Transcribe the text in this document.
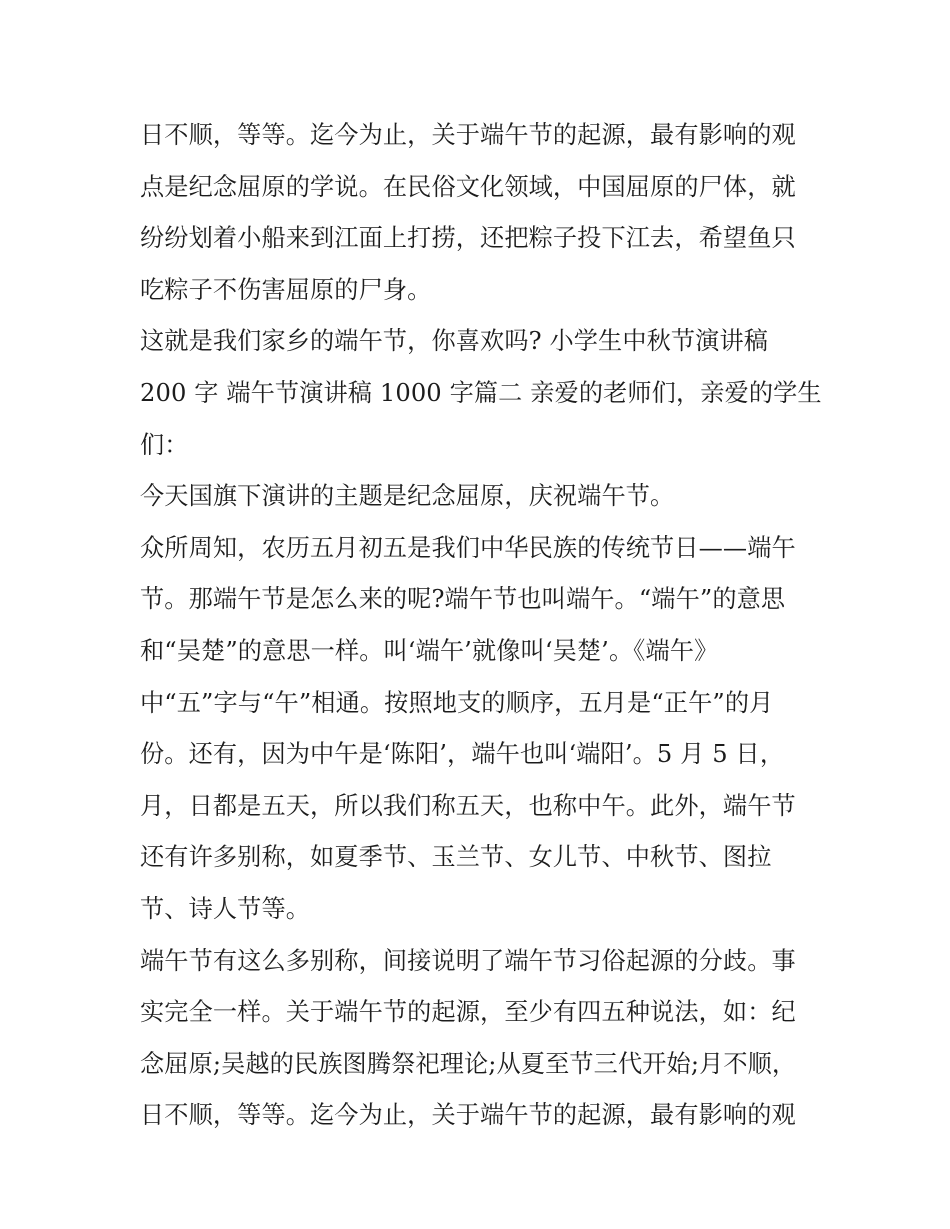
日不顺，等等。迄今为止，关于端午节的起源，最有影响的观
点是纪念屈原的学说。在民俗文化领域，中国屈原的尸体，就
纷纷划着小船来到江面上打捞，还把粽子投下江去，希望鱼只
吃粽子不伤害屈原的尸身。
这就是我们家乡的端午节，你喜欢吗? 小学生中秋节演讲稿
200 字 端午节演讲稿 1000 字篇二 亲爱的老师们，亲爱的学生
们：
今天国旗下演讲的主题是纪念屈原，庆祝端午节。
众所周知，农历五月初五是我们中华民族的传统节日——端午
节。那端午节是怎么来的呢?端午节也叫端午。“端午”的意思
和“吴楚”的意思一样。叫‘端午’就像叫‘吴楚’。《端午》
中“五”字与“午”相通。按照地支的顺序，五月是“正午”的月
份。还有，因为中午是‘陈阳’，端午也叫‘端阳’。5 月 5 日，
月，日都是五天，所以我们称五天，也称中午。此外，端午节
还有许多别称，如夏季节、玉兰节、女儿节、中秋节、图拉
节、诗人节等。
端午节有这么多别称，间接说明了端午节习俗起源的分歧。事
实完全一样。关于端午节的起源，至少有四五种说法，如：纪
念屈原;吴越的民族图腾祭祀理论;从夏至节三代开始;月不顺，
日不顺，等等。迄今为止，关于端午节的起源，最有影响的观
